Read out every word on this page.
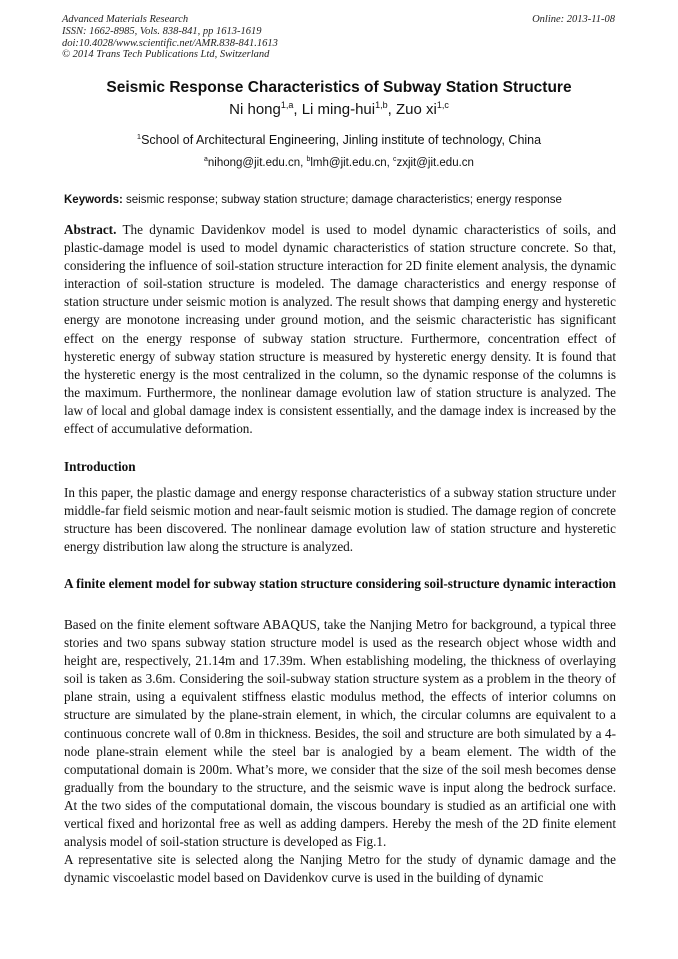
Advanced Materials Research
ISSN: 1662-8985, Vols. 838-841, pp 1613-1619
doi:10.4028/www.scientific.net/AMR.838-841.1613
© 2014 Trans Tech Publications Ltd, Switzerland
Online: 2013-11-08
Seismic Response Characteristics of Subway Station Structure
Ni hong$^{1,a}$, Li ming-hui$^{1,b}$, Zuo xi$^{1,c}$
$^1$School of Architectural Engineering, Jinling institute of technology, China
$^a$nihong@jit.edu.cn, $^b$lmh@jit.edu.cn, $^c$zxjit@jit.edu.cn
Keywords: seismic response; subway station structure; damage characteristics; energy response
Abstract. The dynamic Davidenkov model is used to model dynamic characteristics of soils, and plastic-damage model is used to model dynamic characteristics of station structure concrete. So that, considering the influence of soil-station structure interaction for 2D finite element analysis, the dynamic interaction of soil-station structure is modeled. The damage characteristics and energy response of station structure under seismic motion is analyzed. The result shows that damping energy and hysteretic energy are monotone increasing under ground motion, and the seismic characteristic has significant effect on the energy response of subway station structure. Furthermore, concentration effect of hysteretic energy of subway station structure is measured by hysteretic energy density. It is found that the hysteretic energy is the most centralized in the column, so the dynamic response of the columns is the maximum. Furthermore, the nonlinear damage evolution law of station structure is analyzed. The law of local and global damage index is consistent essentially, and the damage index is increased by the effect of accumulative deformation.
Introduction
In this paper, the plastic damage and energy response characteristics of a subway station structure under middle-far field seismic motion and near-fault seismic motion is studied. The damage region of concrete structure has been discovered. The nonlinear damage evolution law of station structure and hysteretic energy distribution law along the structure is analyzed.
A finite element model for subway station structure considering soil-structure dynamic interaction

Based on the finite element software ABAQUS, take the Nanjing Metro for background, a typical three stories and two spans subway station structure model is used as the research object whose width and height are, respectively, 21.14m and 17.39m. When establishing modeling, the thickness of overlaying soil is taken as 3.6m. Considering the soil-subway station structure system as a problem in the theory of plane strain, using a equivalent stiffness elastic modulus method, the effects of interior columns on structure are simulated by the plane-strain element, in which, the circular columns are equivalent to a continuous concrete wall of 0.8m in thickness. Besides, the soil and structure are both simulated by a 4-node plane-strain element while the steel bar is analogied by a beam element. The width of the computational domain is 200m. What’s more, we consider that the size of the soil mesh becomes dense gradually from the boundary to the structure, and the seismic wave is input along the bedrock surface. At the two sides of the computational domain, the viscous boundary is studied as an artificial one with vertical fixed and horizontal free as well as adding dampers. Hereby the mesh of the 2D finite element analysis model of soil-station structure is developed as Fig.1.

A representative site is selected along the Nanjing Metro for the study of dynamic damage and the dynamic viscoelastic model based on Davidenkov curve is used in the building of dynamic
